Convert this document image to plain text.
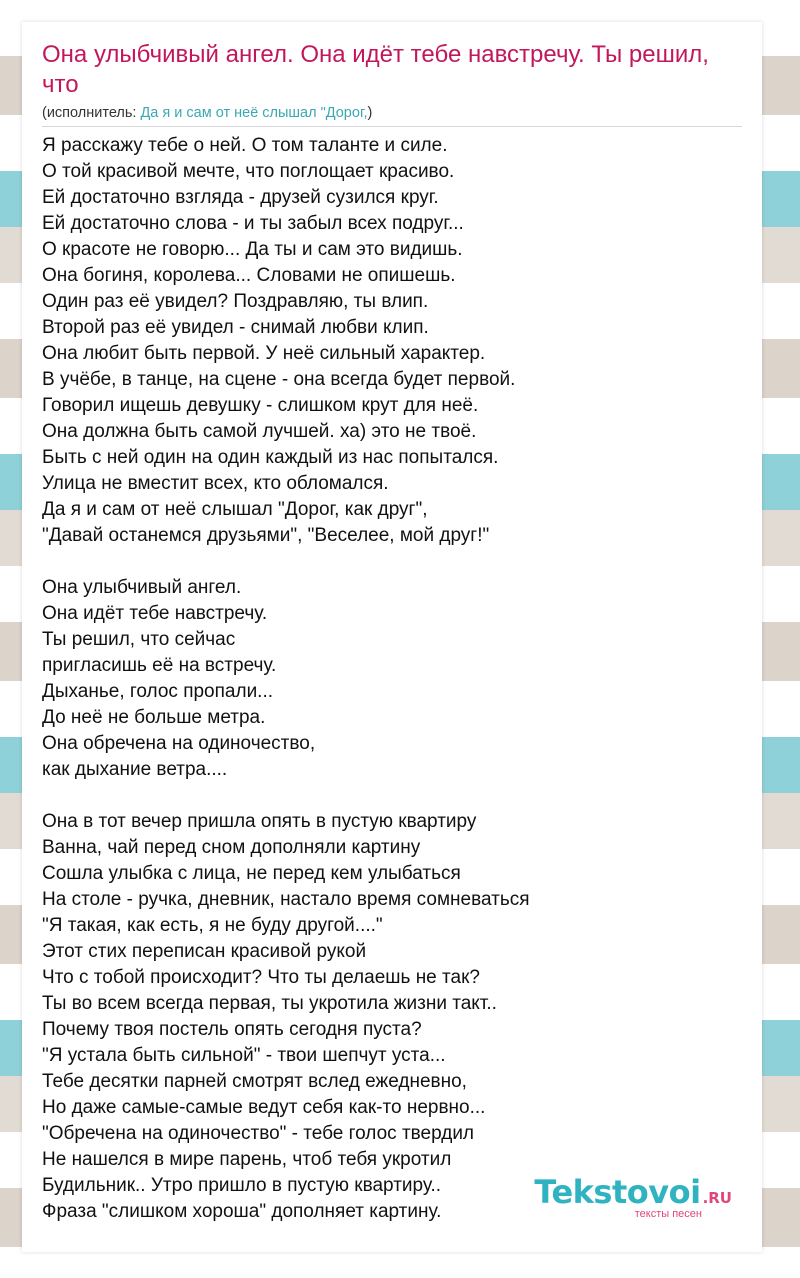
Она улыбчивый ангел. Она идёт тебе навстречу. Ты решил, что
(исполнитель: Да я и сам от неё слышал "Дорог,)
Я расскажу тебе о ней. О том таланте и силе.
О той красивой мечте, что поглощает красиво.
Ей достаточно взгляда - друзей сузился круг.
Ей достаточно слова - и ты забыл всех подруг...
О красоте не говорю... Да ты и сам это видишь.
Она богиня, королева... Словами не опишешь.
Один раз её увидел? Поздравляю, ты влип.
Второй раз её увидел - снимай любви клип.
Она любит быть первой. У неё сильный характер.
В учёбе, в танце, на сцене - она всегда будет первой.
Говорил ищешь девушку - слишком крут для неё.
Она должна быть самой лучшей. ха) это не твоё.
Быть с ней один на один каждый из нас попытался.
Улица не вместит всех, кто обломался.
Да я и сам от неё слышал "Дорог, как друг",
"Давай останемся друзьями", "Веселее, мой друг!"
Она улыбчивый ангел.
Она идёт тебе навстречу.
Ты решил, что сейчас
пригласишь её на встречу.
Дыханье, голос пропали...
До неё не больше метра.
Она обречена на одиночество,
как дыхание ветра....
Она в тот вечер пришла опять в пустую квартиру
Ванна, чай перед сном дополняли картину
Сошла улыбка с лица, не перед кем улыбаться
На столе - ручка, дневник, настало время сомневаться
"Я такая, как есть, я не буду другой...."
Этот стих переписан красивой рукой
Что с тобой происходит? Что ты делаешь не так?
Ты во всем всегда первая, ты укротила жизни такт..
Почему твоя постель опять сегодня пуста?
"Я устала быть сильной" - твои шепчут уста...
Тебе десятки парней смотрят вслед ежедневно,
Но даже самые-самые ведут себя как-то нервно...
"Обречена на одиночество" - тебе голос твердил
Не нашелся в мире парень, чтоб тебя укротил
Будильник.. Утро пришло в пустую квартиру..
Фраза "слишком хороша" дополняет картину.
Tekstovoi .RU
тексты песен
